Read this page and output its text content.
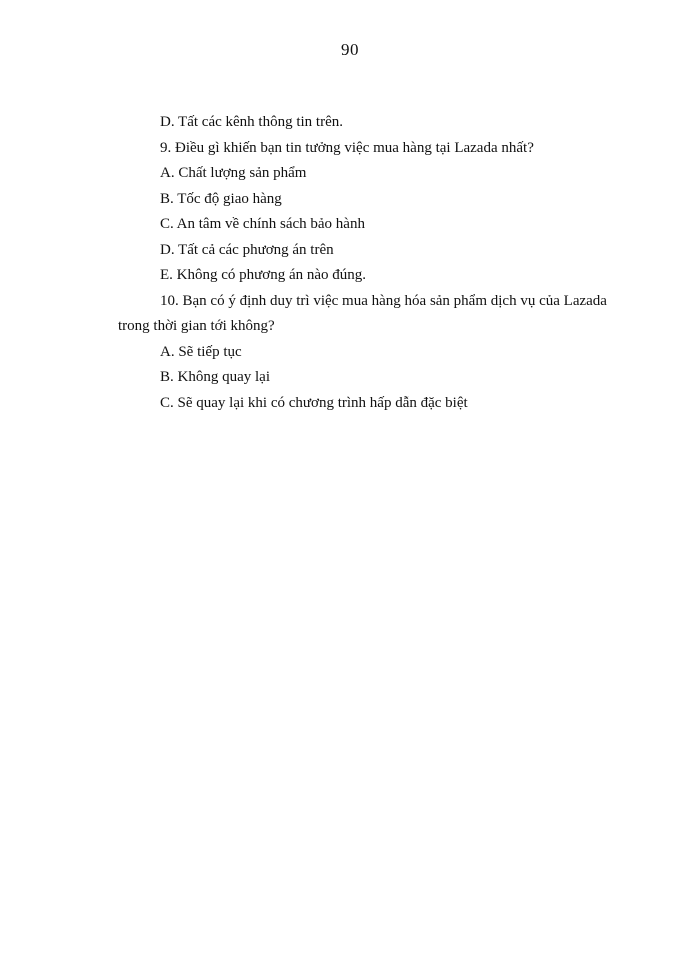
90
D. Tất các kênh thông tin trên.
9. Điều gì khiến bạn tin tưởng việc mua hàng tại Lazada nhất?
A. Chất lượng sản phẩm
B. Tốc độ giao hàng
C. An tâm về chính sách bảo hành
D. Tất cả các phương án trên
E. Không có phương án nào đúng.
10. Bạn có ý định duy trì việc mua hàng hóa sản phẩm dịch vụ của Lazada
trong thời gian tới không?
A. Sẽ tiếp tục
B. Không quay lại
C. Sẽ quay lại khi có chương trình hấp dẫn đặc biệt
